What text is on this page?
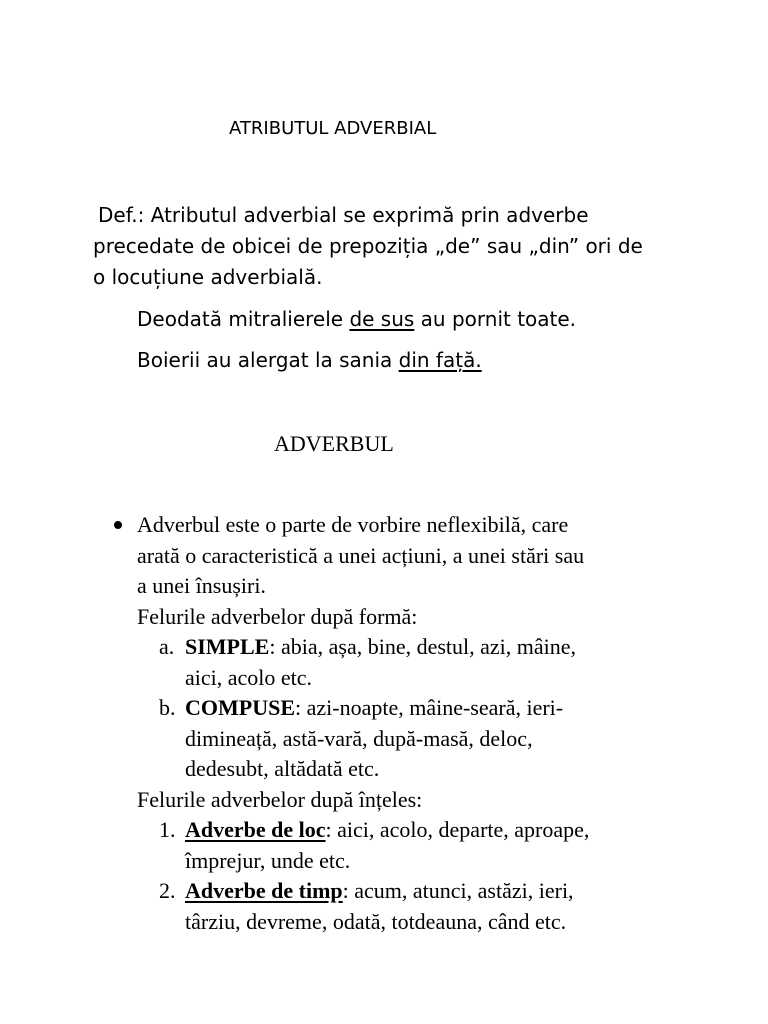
ATRIBUTUL ADVERBIAL
Def.: Atributul adverbial se exprimă prin adverbe
precedate de obicei de prepoziția „de” sau „din” ori de
o locuțiune adverbială.
Deodată mitralierele de sus au pornit toate.
Boierii au alergat la sania din față.
ADVERBUL
Adverbul este o parte de vorbire neflexibilă, care
arată o caracteristică a unei acțiuni, a unei stări sau
a unei însușiri.
Felurile adverbelor după formă:
a. SIMPLE: abia, așa, bine, destul, azi, mâine,
aici, acolo etc.
b. COMPUSE: azi-noapte, mâine-seară, ieri-
dimineață, astă-vară, după-masă, deloc,
dedesubt, altădată etc.
Felurile adverbelor după înțeles:
1. Adverbe de loc: aici, acolo, departe, aproape,
împrejur, unde etc.
2. Adverbe de timp: acum, atunci, astăzi, ieri,
târziu, devreme, odată, totdeauna, când etc.
